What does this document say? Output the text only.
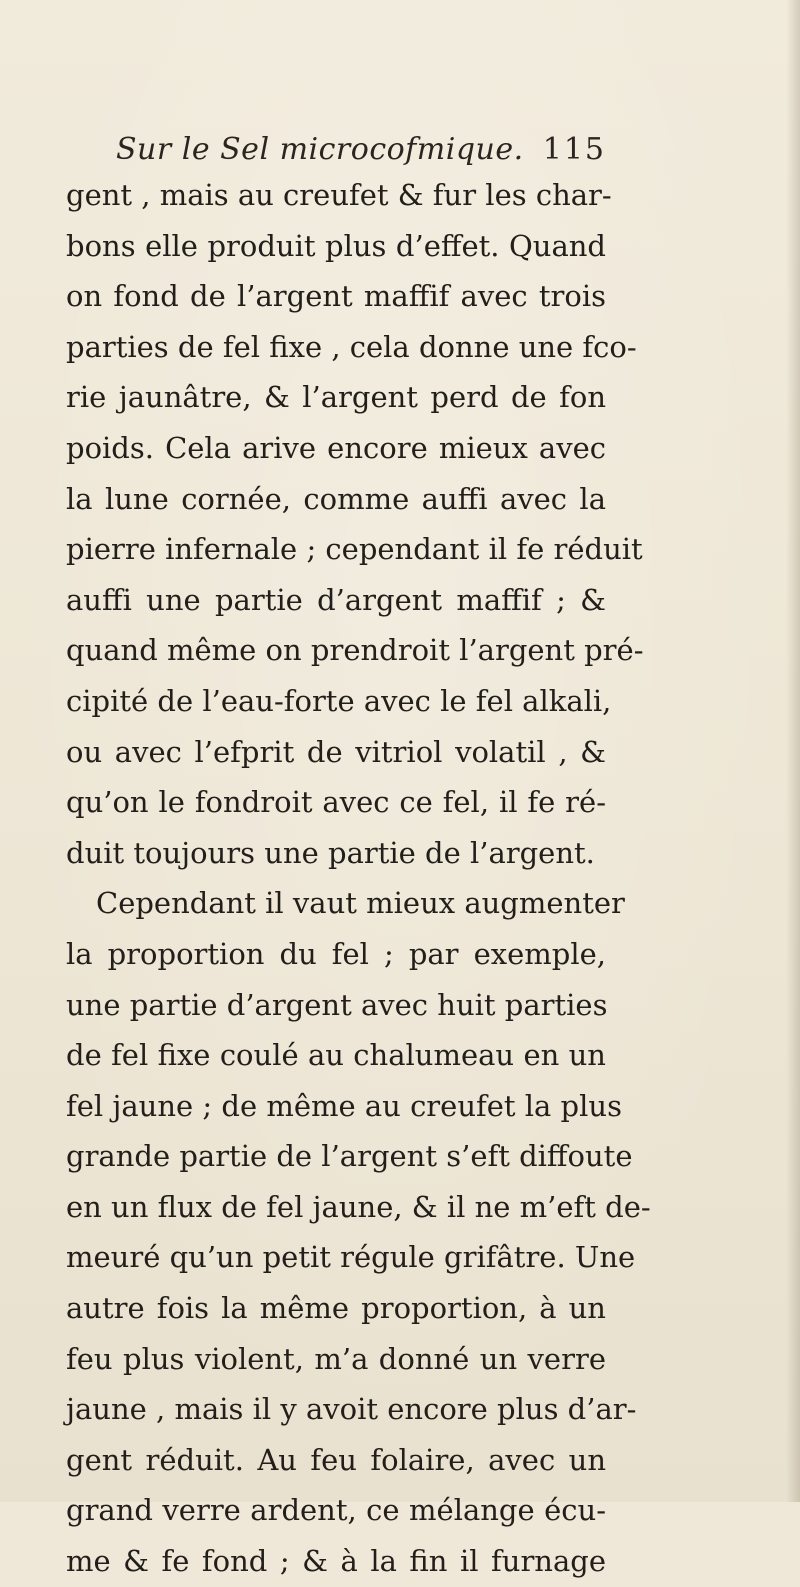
Sur le Sel microcofmique. 115
gent , mais au creufet & fur les char-
bons elle produit plus d’effet. Quand
on fond de l’argent maffif avec trois
parties de fel fixe , cela donne une fco-
rie jaunâtre, & l’argent perd de fon
poids. Cela arive encore mieux avec
la lune cornée, comme auffi avec la
pierre infernale ; cependant il fe réduit
auffi une partie d’argent maffif ; &
quand même on prendroit l’argent pré-
cipité de l’eau-forte avec le fel alkali,
ou avec l’efprit de vitriol volatil , &
qu’on le fondroit avec ce fel, il fe ré-
duit toujours une partie de l’argent.
Cependant il vaut mieux augmenter
la proportion du fel ; par exemple,
une partie d’argent avec huit parties
de fel fixe coulé au chalumeau en un
fel jaune ; de même au creufet la plus
grande partie de l’argent s’eft diffoute
en un flux de fel jaune, & il ne m’eft de-
meuré qu’un petit régule grifâtre. Une
autre fois la même proportion, à un
feu plus violent, m’a donné un verre
jaune , mais il y avoit encore plus d’ar-
gent réduit. Au feu folaire, avec un
grand verre ardent, ce mélange écu-
me & fe fond ; & à la fin il furnage
